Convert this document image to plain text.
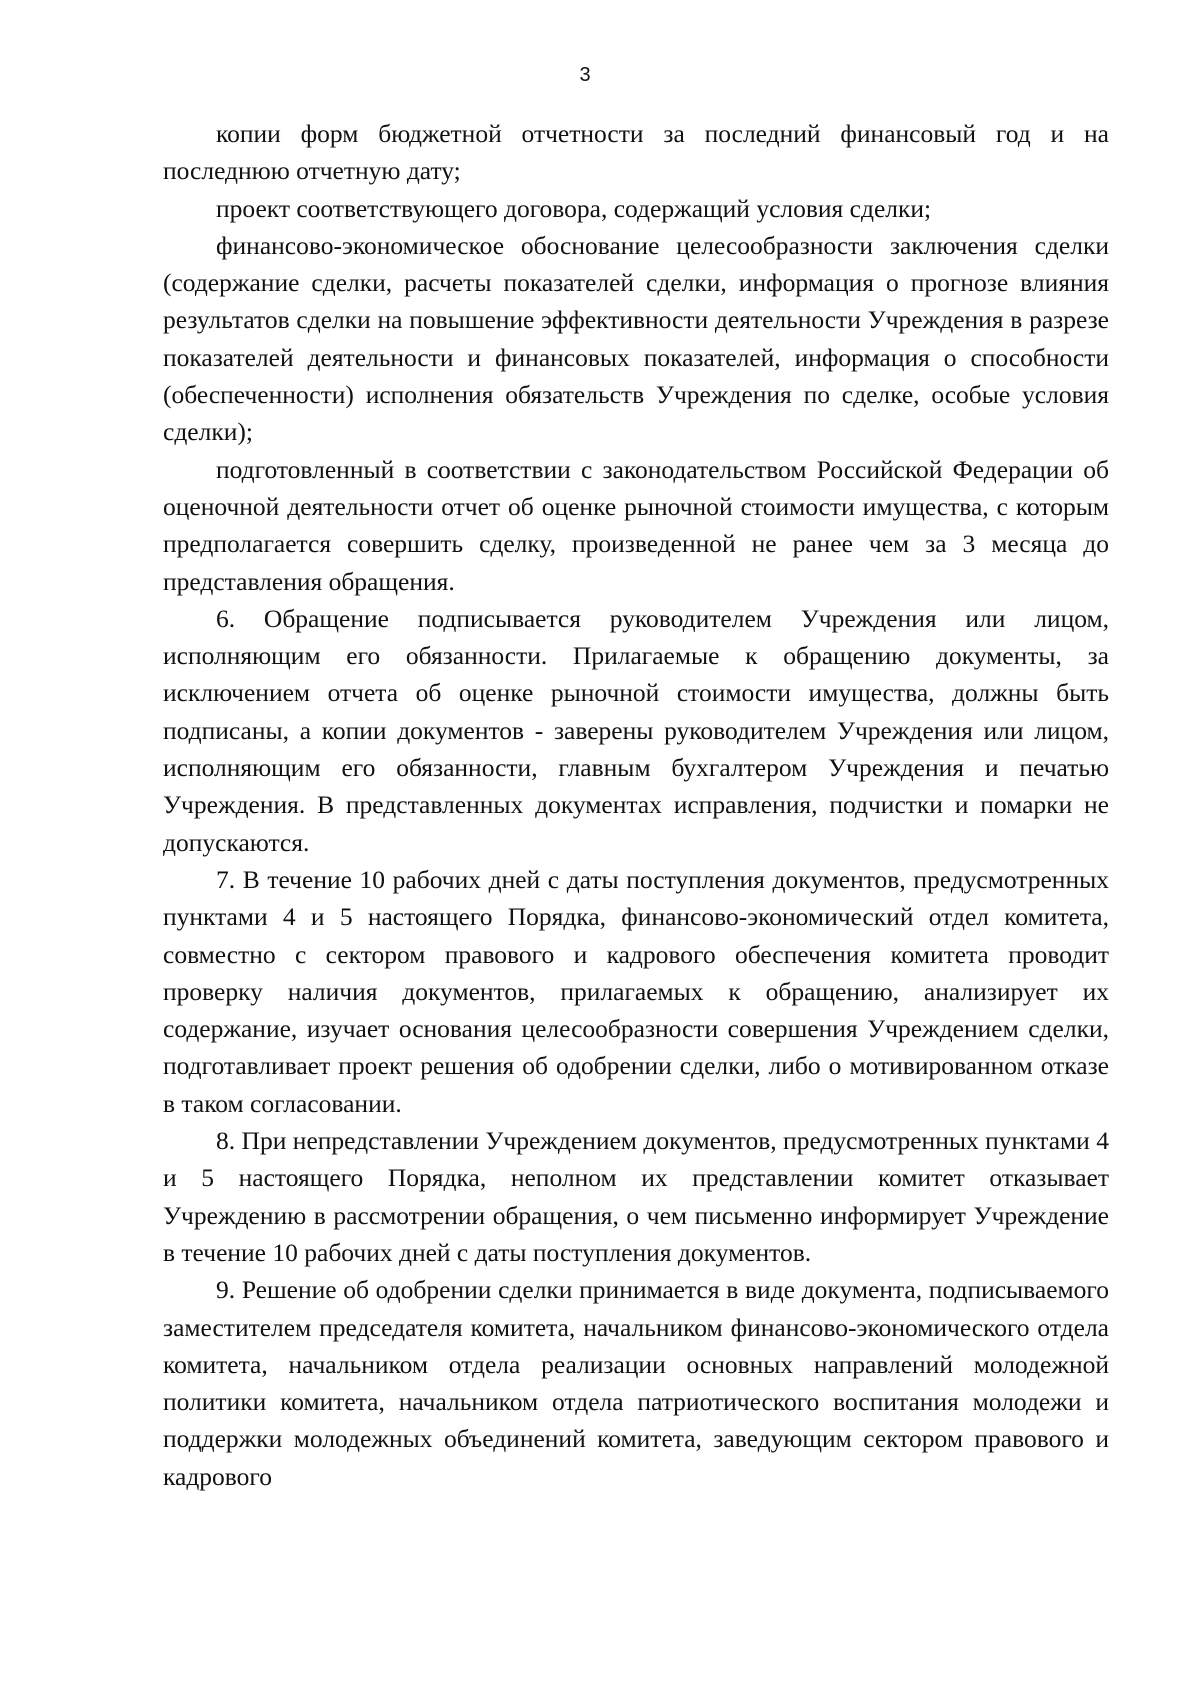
3

копии форм бюджетной отчетности за последний финансовый год и на последнюю отчетную дату;

проект соответствующего договора, содержащий условия сделки;

финансово-экономическое обоснование целесообразности заключения сделки (содержание сделки, расчеты показателей сделки, информация о прогнозе влияния результатов сделки на повышение эффективности деятельности Учреждения в разрезе показателей деятельности и финансовых показателей, информация о способности (обеспеченности) исполнения обязательств Учреждения по сделке, особые условия сделки);

подготовленный в соответствии с законодательством Российской Федерации об оценочной деятельности отчет об оценке рыночной стоимости имущества, с которым предполагается совершить сделку, произведенной не ранее чем за 3 месяца до представления обращения.

6. Обращение подписывается руководителем Учреждения или лицом, исполняющим его обязанности. Прилагаемые к обращению документы, за исключением отчета об оценке рыночной стоимости имущества, должны быть подписаны, а копии документов - заверены руководителем Учреждения или лицом, исполняющим его обязанности, главным бухгалтером Учреждения и печатью Учреждения. В представленных документах исправления, подчистки и помарки не допускаются.

7. В течение 10 рабочих дней с даты поступления документов, предусмотренных пунктами 4 и 5 настоящего Порядка, финансово-экономический отдел комитета, совместно с сектором правового и кадрового обеспечения комитета проводит проверку наличия документов, прилагаемых к обращению, анализирует их содержание, изучает основания целесообразности совершения Учреждением сделки, подготавливает проект решения об одобрении сделки, либо о мотивированном отказе в таком согласовании.

8. При непредставлении Учреждением документов, предусмотренных пунктами 4 и 5 настоящего Порядка, неполном их представлении комитет отказывает Учреждению в рассмотрении обращения, о чем письменно информирует Учреждение в течение 10 рабочих дней с даты поступления документов.

9. Решение об одобрении сделки принимается в виде документа, подписываемого заместителем председателя комитета, начальником финансово-экономического отдела комитета, начальником отдела реализации основных направлений молодежной политики комитета, начальником отдела патриотического воспитания молодежи и поддержки молодежных объединений комитета, заведующим сектором правового и кадрового
